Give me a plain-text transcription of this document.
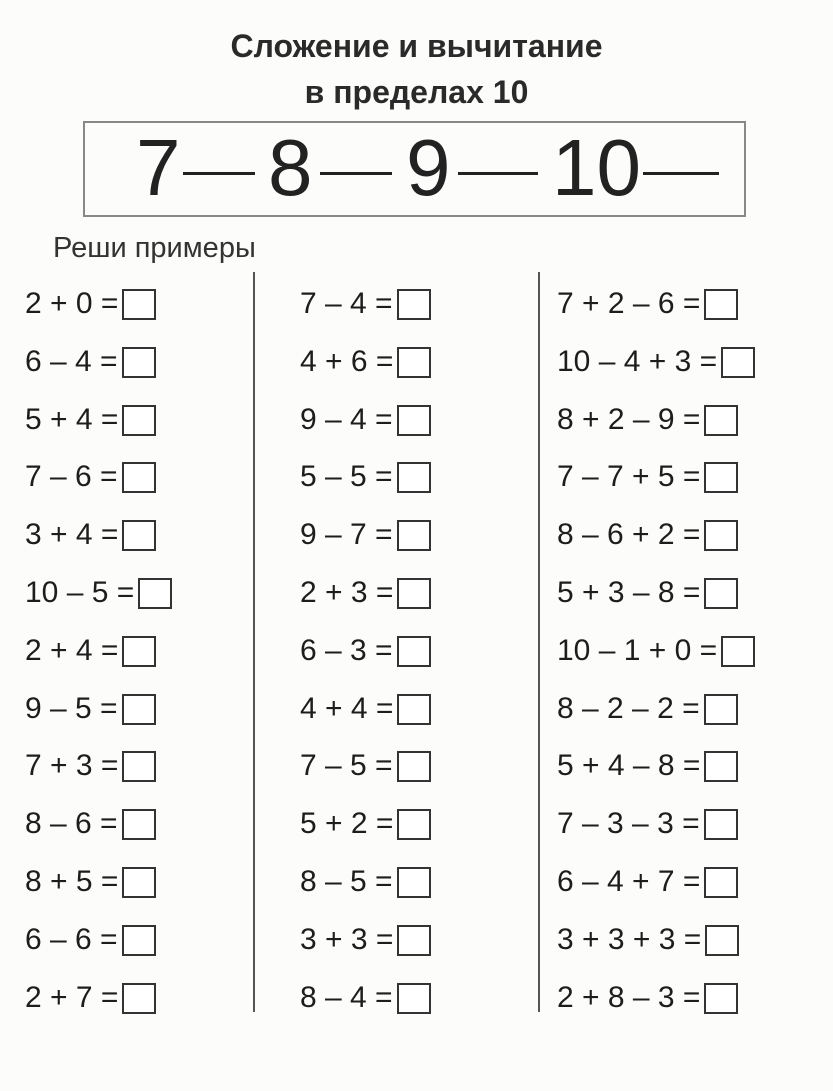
Сложение и вычитание
в пределах 10
7 8 9 10
Реши примеры
2 + 0 =
6 – 4 =
5 + 4 =
7 – 6 =
3 + 4 =
10 – 5 =
2 + 4 =
9 – 5 =
7 + 3 =
8 – 6 =
8 + 5 =
6 – 6 =
2 + 7 =
7 – 4 =
4 + 6 =
9 – 4 =
5 – 5 =
9 – 7 =
2 + 3 =
6 – 3 =
4 + 4 =
7 – 5 =
5 + 2 =
8 – 5 =
3 + 3 =
8 – 4 =
7 + 2 – 6 =
10 – 4 + 3 =
8 + 2 – 9 =
7 – 7 + 5 =
8 – 6 + 2 =
5 + 3 – 8 =
10 – 1 + 0 =
8 – 2 – 2 =
5 + 4 – 8 =
7 – 3 – 3 =
6 – 4 + 7 =
3 + 3 + 3 =
2 + 8 – 3 =
